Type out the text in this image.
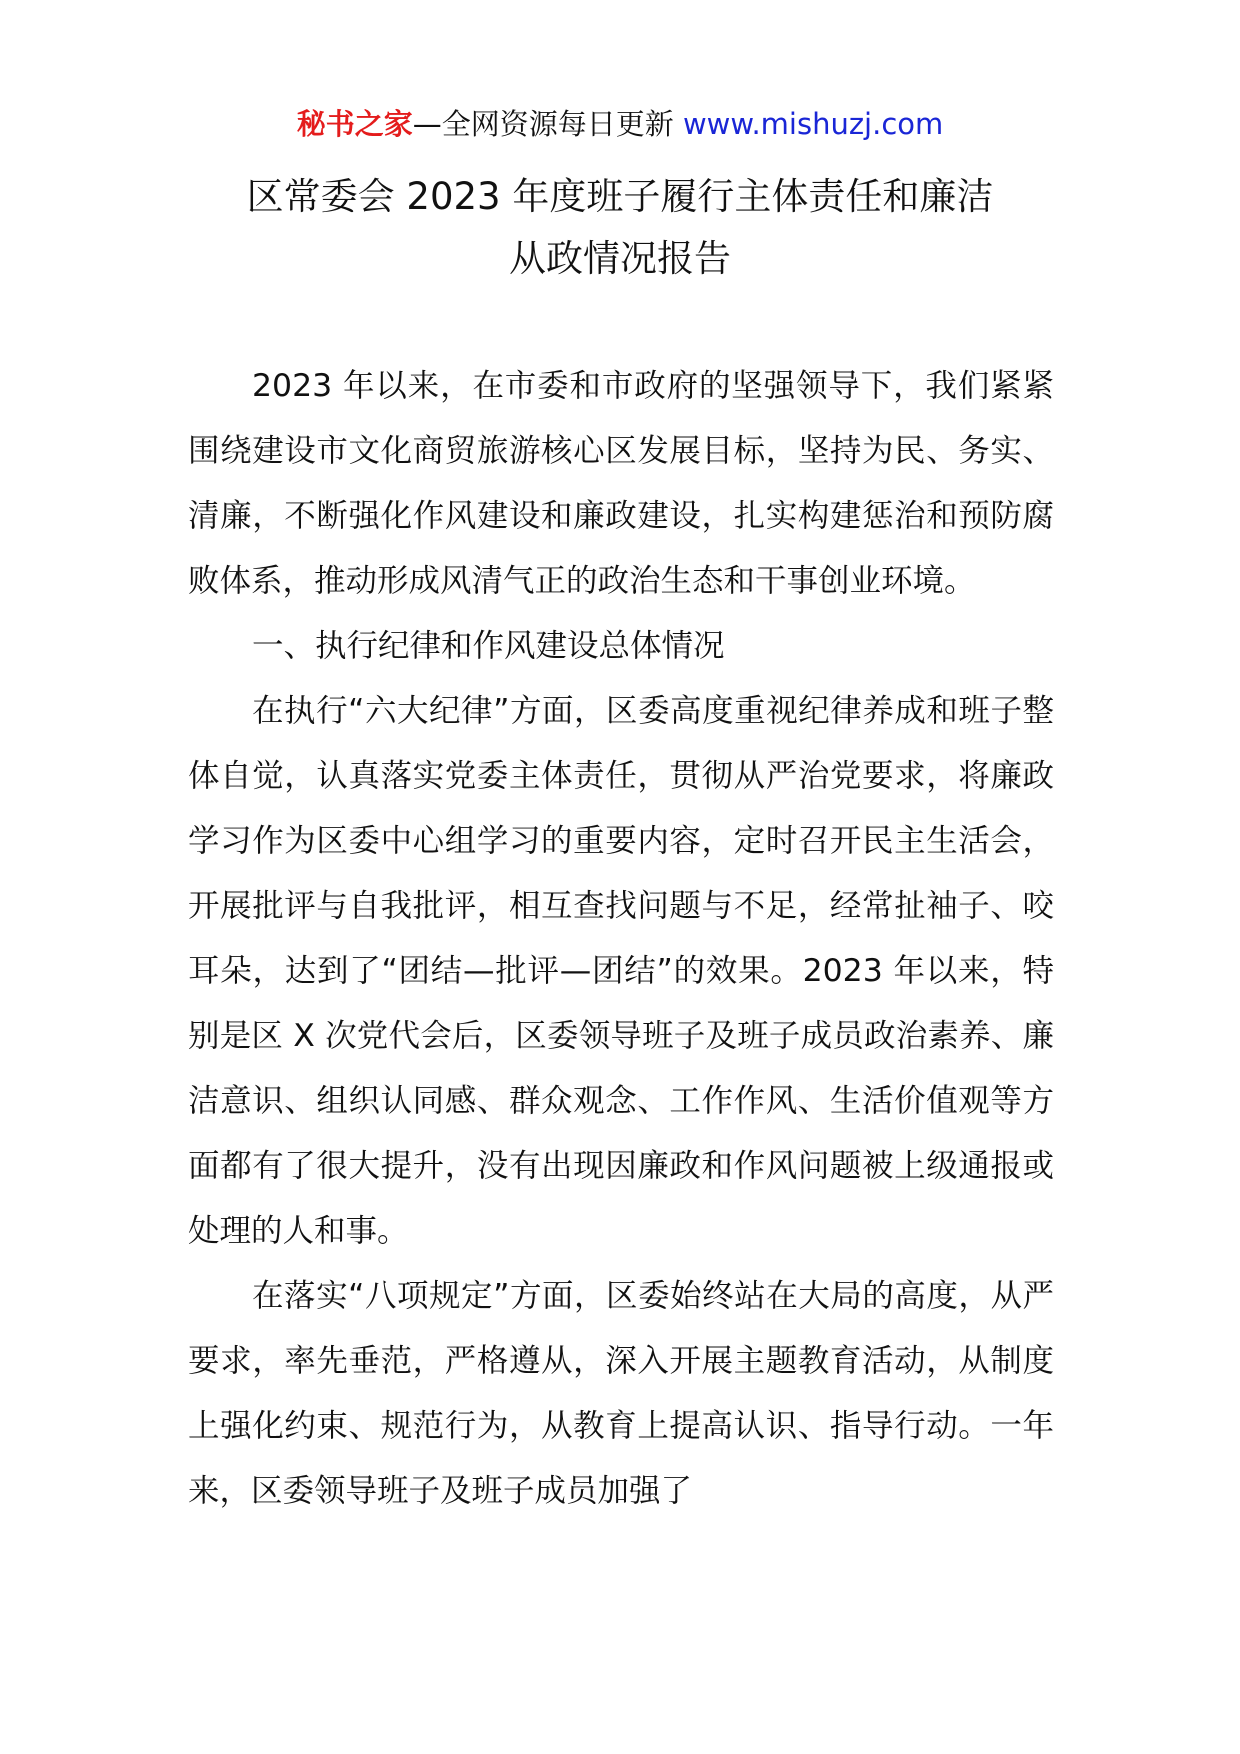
秘书之家—全网资源每日更新 www.mishuzj.com
区常委会 2023 年度班子履行主体责任和廉洁
从政情况报告

2023 年以来，在市委和市政府的坚强领导下，我们紧紧围绕建设市文化商贸旅游核心区发展目标，坚持为民、务实、清廉，不断强化作风建设和廉政建设，扎实构建惩治和预防腐败体系，推动形成风清气正的政治生态和干事创业环境。

一、执行纪律和作风建设总体情况

在执行“六大纪律”方面，区委高度重视纪律养成和班子整体自觉，认真落实党委主体责任，贯彻从严治党要求，将廉政学习作为区委中心组学习的重要内容，定时召开民主生活会，开展批评与自我批评，相互查找问题与不足，经常扯袖子、咬耳朵，达到了“团结—批评—团结”的效果。2023 年以来，特别是区 X 次党代会后，区委领导班子及班子成员政治素养、廉洁意识、组织认同感、群众观念、工作作风、生活价值观等方面都有了很大提升，没有出现因廉政和作风问题被上级通报或处理的人和事。

在落实“八项规定”方面，区委始终站在大局的高度，从严要求，率先垂范，严格遵从，深入开展主题教育活动，从制度上强化约束、规范行为，从教育上提高认识、指导行动。一年来，区委领导班子及班子成员加强了
